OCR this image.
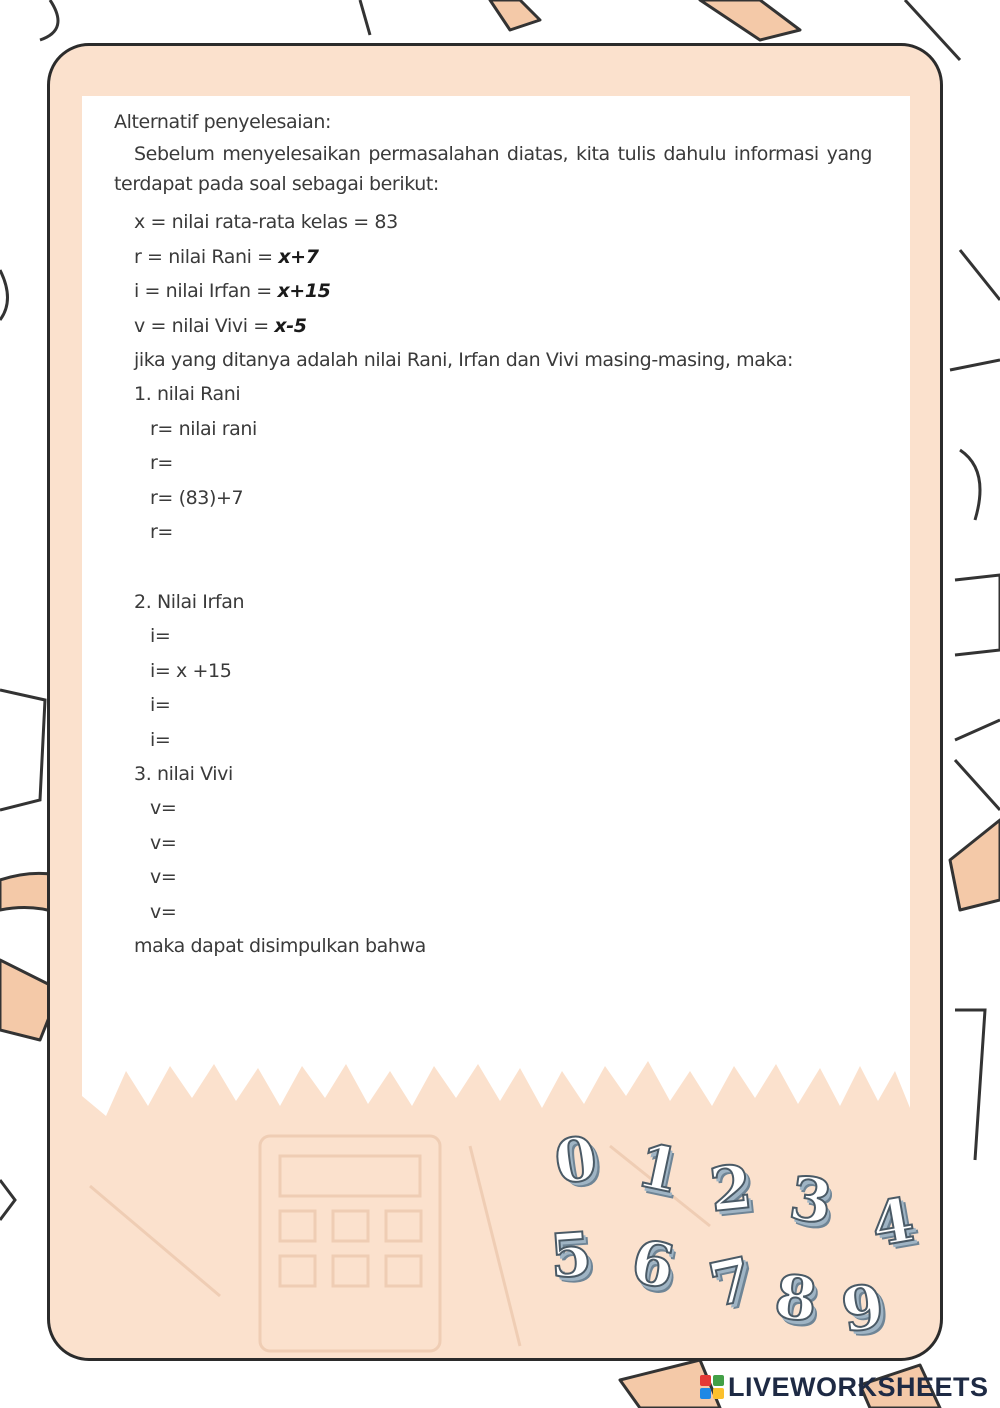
Alternatif penyelesaian:
Sebelum menyelesaikan permasalahan diatas, kita tulis dahulu informasi yang terdapat pada soal sebagai berikut:
x = nilai rata-rata kelas = 83
r = nilai Rani = x+7
i = nilai Irfan = x+15
v = nilai Vivi = x-5
jika yang ditanya adalah nilai Rani, Irfan dan Vivi masing-masing, maka:
1. nilai Rani
r= nilai rani
r=
r= (83)+7
r=
2. Nilai Irfan
i=
i= x +15
i=
i=
3. nilai Vivi
v=
v=
v=
v=
maka dapat disimpulkan bahwa
0 1 2 3 4
5 6 7 8 9
LIVEWORKSHEETS
